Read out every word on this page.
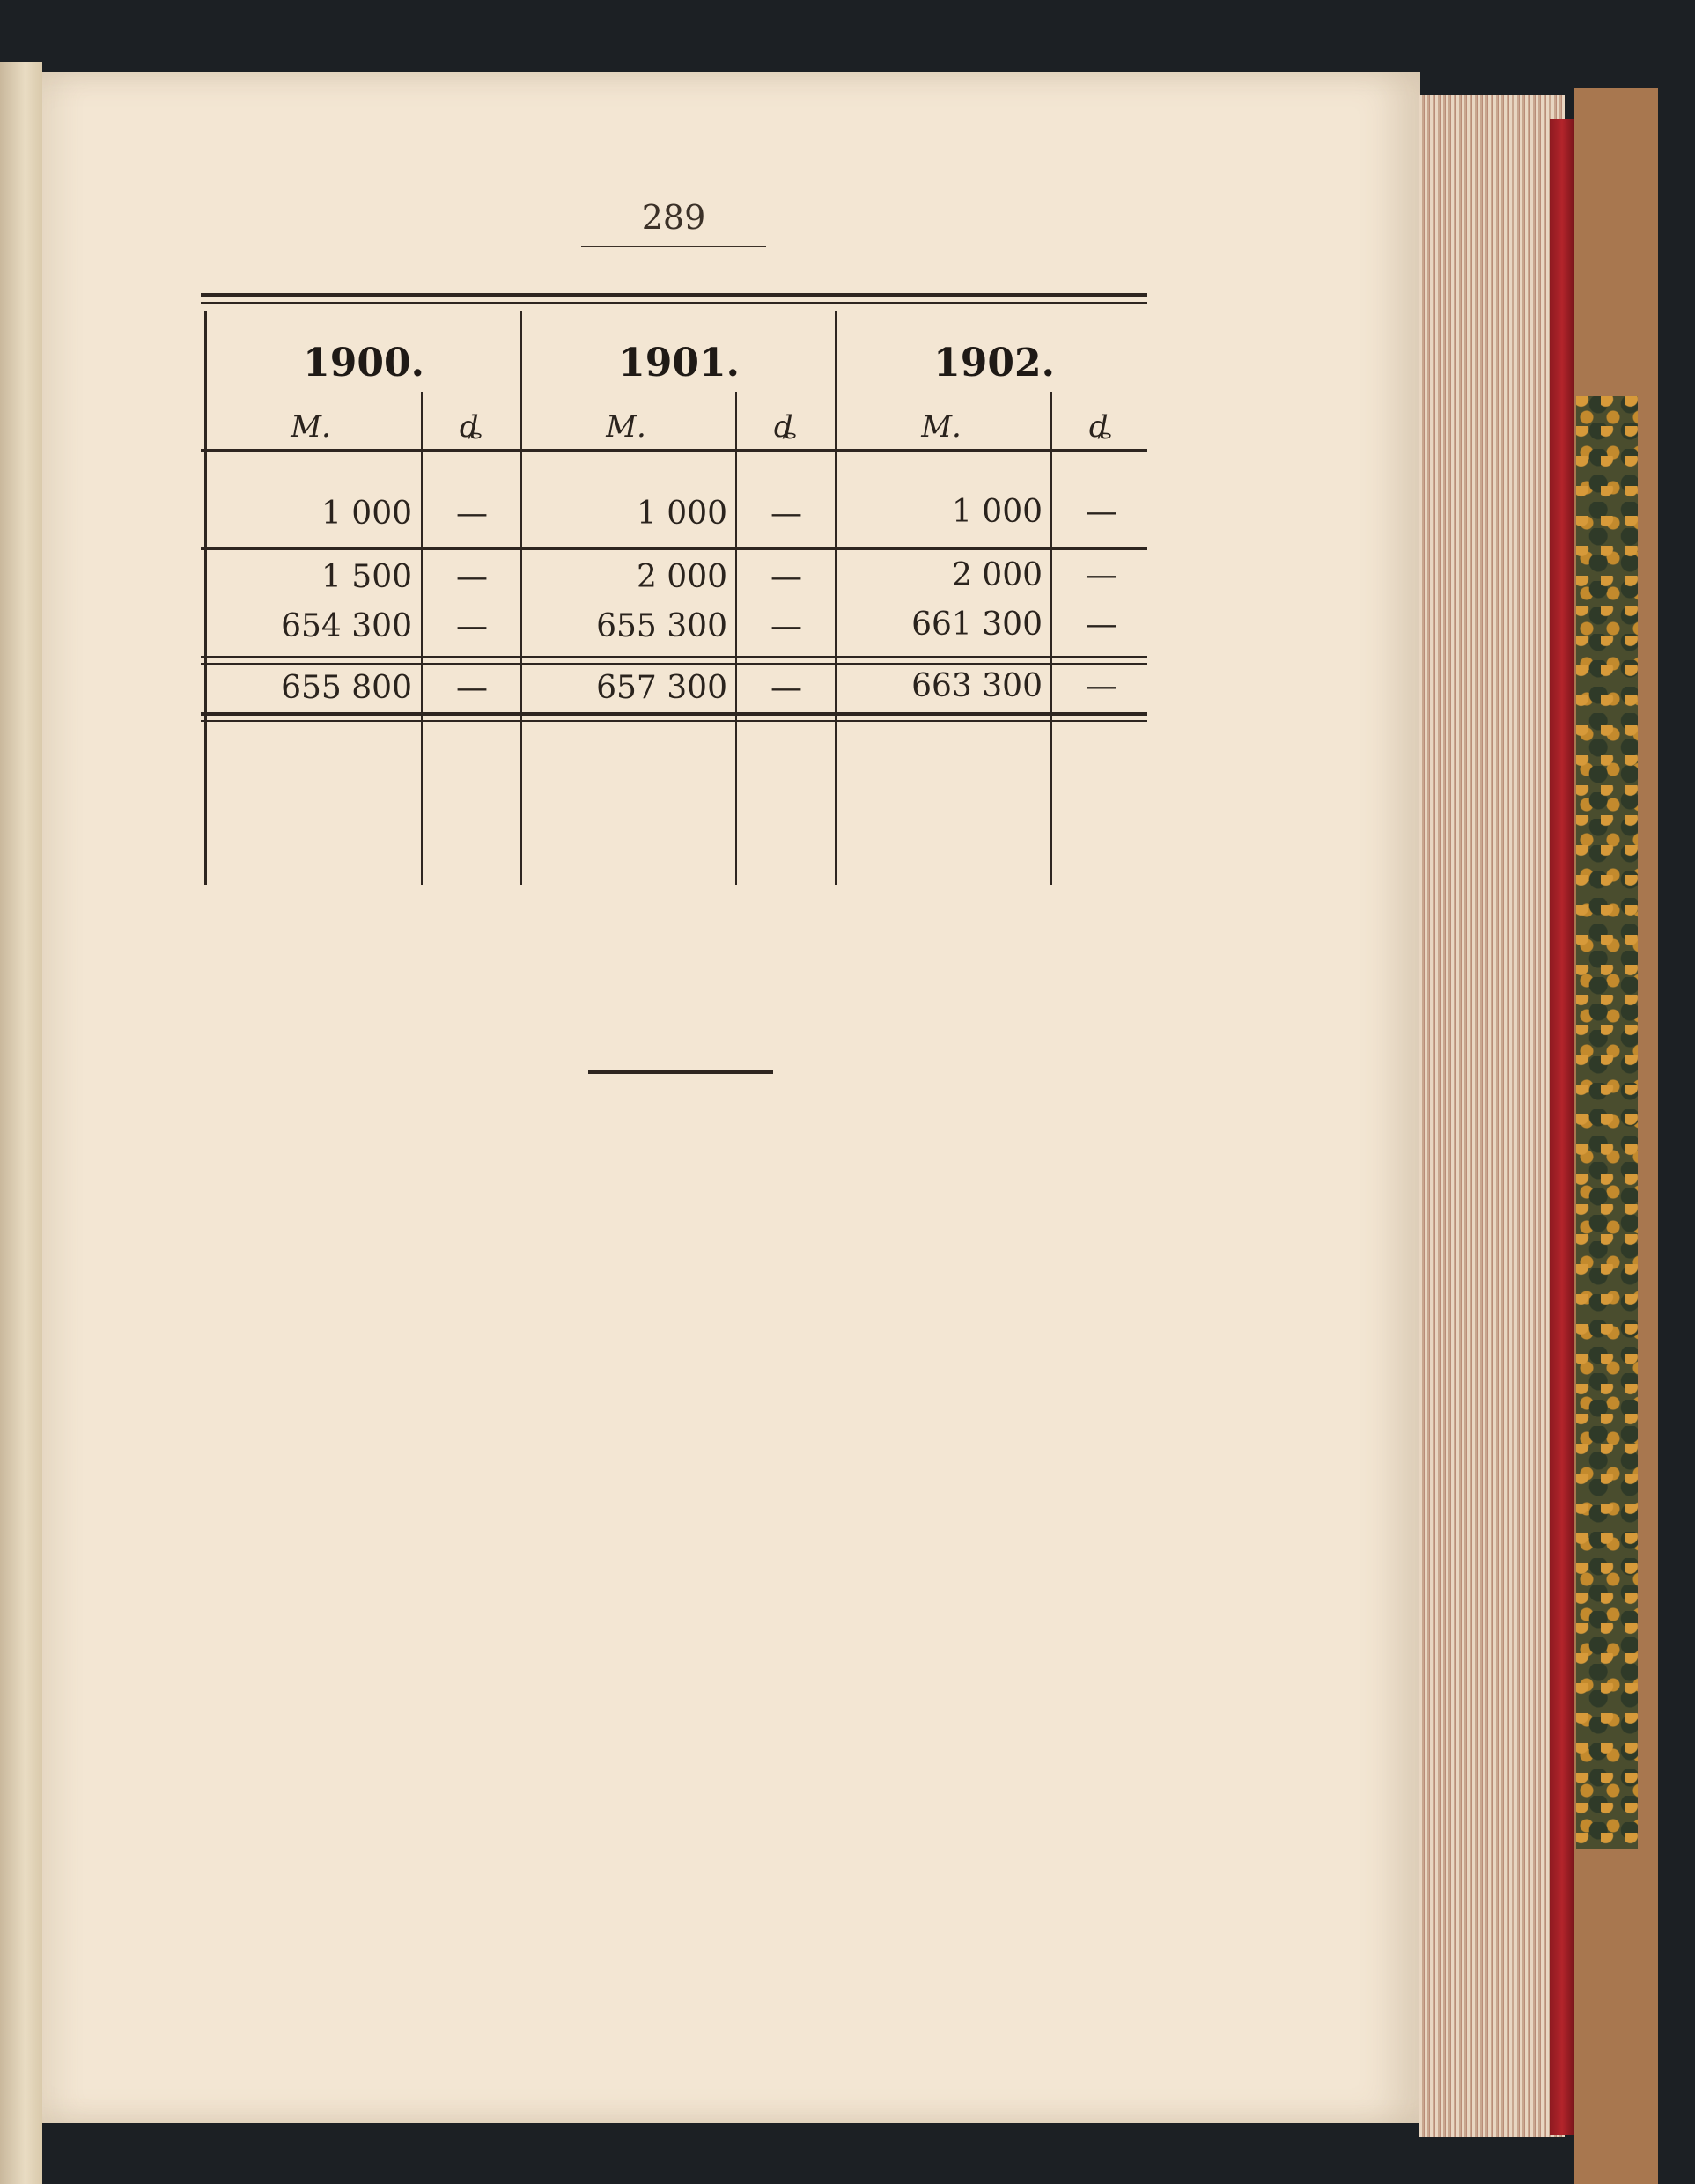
289
1900.	1901.	1902.
M.	ȡ	M.	ȡ	M.	ȡ
1 000	—	1 000	—	1 000	—
1 500	—	2 000	—	2 000	—
654 300	—	655 300	—	661 300	—
655 800	—	657 300	—	663 300	—
